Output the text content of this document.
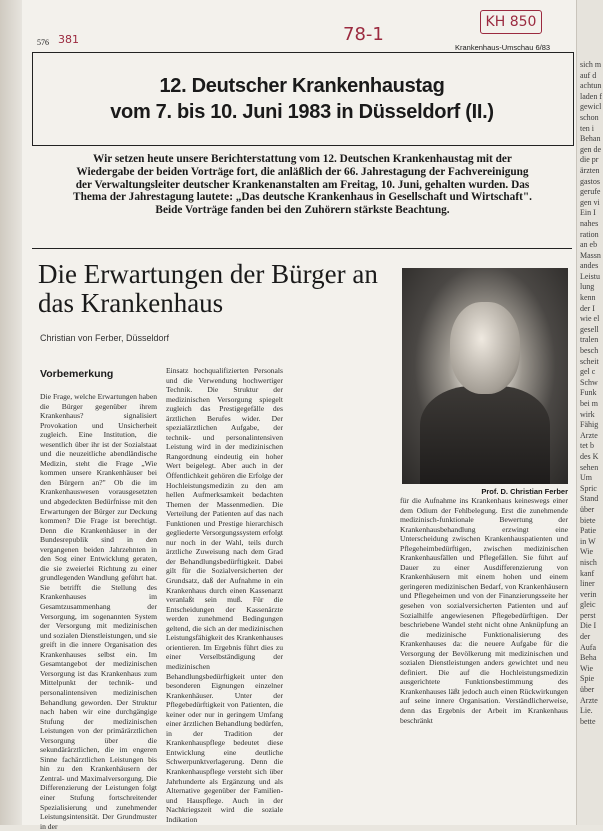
576 381	78-1
KH 850
Krankenhaus-Umschau 6/83
12. Deutscher Krankenhaustag
vom 7. bis 10. Juni 1983 in Düsseldorf (II.)
Wir setzen heute unsere Berichterstattung vom 12. Deutschen Krankenhaustag mit der Wiedergabe der beiden Vorträge fort, die anläßlich der 66. Jahrestagung der Fachvereinigung der Verwaltungsleiter deutscher Krankenanstalten am Freitag, 10. Juni, gehalten wurden. Das Thema der Jahrestagung lautete: „Das deutsche Krankenhaus in Gesellschaft und Wirtschaft". Beide Vorträge fanden bei den Zuhörern stärkste Beachtung.
Die Erwartungen der Bürger an das Krankenhaus
Christian von Ferber, Düsseldorf
Prof. D. Christian Ferber
Vorbemerkung
Die Frage, welche Erwartungen haben die Bürger gegenüber ihrem Krankenhaus? signalisiert Provokation und Unsicherheit zugleich. Eine Institution, die wesentlich über ihr ist der Sozialstaat und die neuzeitliche abendländische Medizin, steht die Frage „Wie kommen unsere Krankenhäuser bei den Bürgern an?" Ob die im Krankenhauswesen vorausgesetzten und abgedeckten Bedürfnisse mit den Erwartungen der Bürger zur Deckung kommen? Die Frage ist berechtigt. Denn die Krankenhäuser in der Bundesrepublik sind in den vergangenen beiden Jahrzehnten in den Sog einer Entwicklung geraten, die sie zweierlei Richtung zu einer grundlegenden Wandlung geführt hat. Sie betrifft die Stellung des Krankenhauses im Gesamtzusammenhang der Versorgung, im sogenannten System der Versorgung mit medizinischen und sozialen Dienstleistungen, und sie greift in die innere Organisation des Krankenhauses selbst ein. Im Gesamtangebot der medizinischen Versorgung ist das Krankenhaus zum Mittelpunkt der technik- und personalintensiven medizinischen Behandlung geworden. Der Struktur nach haben wir eine durchgängige Stufung der medizinischen Leistungen von der primärärztlichen Versorgung über die sekundärärztlichen, die im engeren Sinne fachärztlichen Leistungen bis hin zu den Krankenhäusern der Zentral- und Maximalversorgung. Die Differenzierung der Leistungen folgt einer Stufung fortschreitender Spezialisierung und zunehmender Leistungsintensität. Der Grundmuster in der
Einsatz hochqualifizierten Personals und die Verwendung hochwertiger Technik. Die Struktur der medizinischen Versorgung spiegelt zugleich das Prestigegefälle des ärztlichen Berufes wider. Der spezialärztlichen Aufgabe, der technik- und personalintensiven Leistung wird in der medizinischen Rangordnung eindeutig ein hoher Wert beigelegt. Aber auch in der Öffentlichkeit gehören die Erfolge der Hochleistungsmedizin zu den am hellen Aufmerksamkeit bedachten Themen der Massenmedien. Die Verteilung der Patienten auf das nach Funktionen und Prestige hierarchisch gegliederte Versorgungssystem erfolgt nur noch in der Wahl, teils durch ärztliche Zuweisung nach dem Grad der Behandlungsbedürftigkeit. Dabei gilt für die Sozialversicherten der Grundsatz, daß der Aufnahme in ein Krankenhaus durch einen Kassenarzt veranlaßt sein muß. Für die Entscheidungen der Kassenärzte werden zunehmend Bedingungen geltend, die sich an der medizinischen Leistungsfähigkeit des Krankenhauses orientieren. Im Ergebnis führt dies zu einer Verselbständigung der medizinischen Behandlungsbedürftigkeit unter den besonderen Eignungen einzelner Krankenhäuser. Unter der Pflegebedürftigkeit von Patienten, die keiner oder nur in geringem Umfang einer ärztlichen Behandlung bedürfen, in der Tradition der Krankenhauspflege bedeutet diese Entwicklung eine deutliche Schwerpunktverlagerung. Denn die Krankenhauspflege versteht sich über Jahrhunderte als Ergänzung und als Alternative gegenüber der Familien- und Hauspflege. Auch in der Nachkriegszeit wird die soziale Indikation
für die Aufnahme ins Krankenhaus keineswegs einer dem Odium der Fehlbelegung. Erst die zunehmende medizinisch-funktionale Bewertung der Krankenhausbehandlung erzwingt eine Unterscheidung zwischen Krankenhauspatienten und Pflegeheimbedürftigen, zwischen medizinischen Krankenhausfällen und Pflegefällen. Sie führt auf Dauer zu einer Ausdifferenzierung von Krankenhäusern mit einem hohen und einem geringeren medizinischen Bedarf, von Krankenhäusern und Pflegeheimen und von der Finanzierungsseite her gesehen von sozialversicherten Patienten und auf Sozialhilfe angewiesenen Pflegebedürftigen. Der beschriebene Wandel steht nicht ohne Anknüpfung an die medizinische Funktionalisierung des Krankenhauses da: die neuere Aufgabe für die Versorgung der Bevölkerung mit medizinischen und sozialen Dienstleistungen anders gewichtet und neu definiert. Die auf die Hochleistungsmedizin ausgerichtete Funktionsbestimmung des Krankenhauses läßt jedoch auch einen Rückwirkungen auf seine innere Organisation. Verständlicherweise, denn das Ergebnis der Arbeit im Krankenhaus beschränkt
sich m
auf d
achtun
laden f
gewicl
schon
ten i
Behan
gen de
die pr
ärzten
gastos
gerufe
gen vi
Ein I
nahes
ration
an eb
Massn
andes
Leistu
lung
kenn
der I
wie el
gesell
tralen
besch
scheit
gel c
Schw
Funk
bei m
wirk
Fähig
Arzte
tet b
des K
sehen
Um
Spric
Stand
über
biete
Patie
in W
Wie
nisch
kanf
liner
verin
gleic
perst
Die I
der
Aufa
Beha
Wie
Spie
über
Arzte
Lie.
bette
